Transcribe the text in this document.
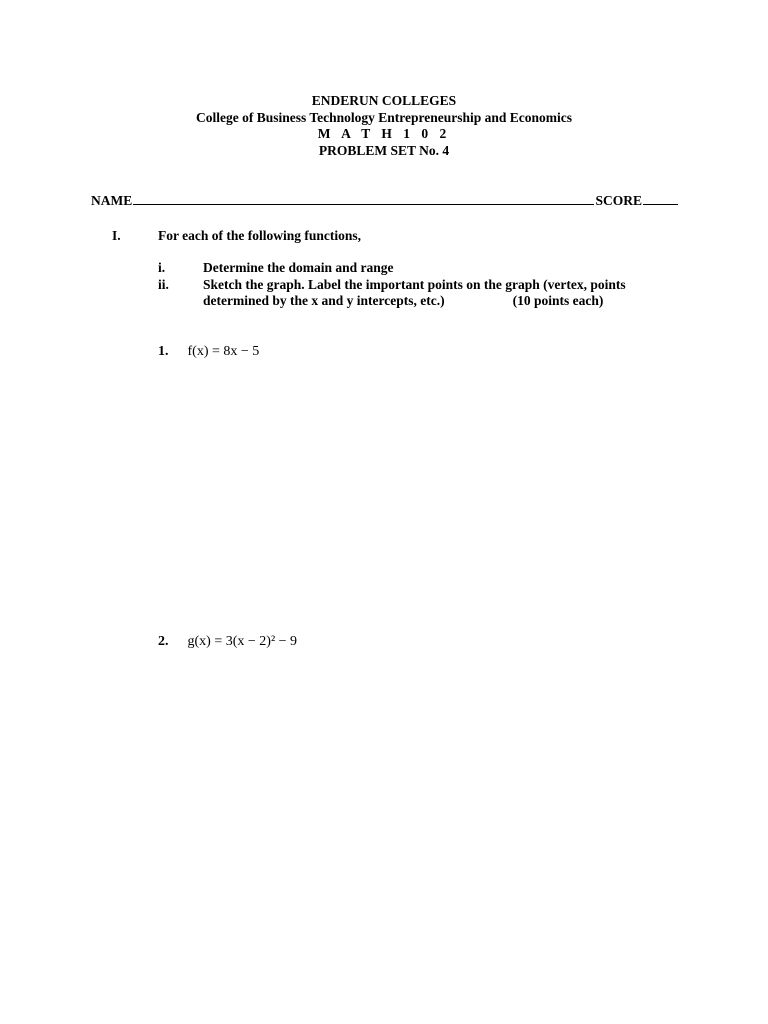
ENDERUN COLLEGES
College of Business Technology Entrepreneurship and Economics
M A T H 1 0 2
PROBLEM SET No. 4
NAME	SCORE
I.	For each of the following functions,
i.	Determine the domain and range
ii.	Sketch the graph. Label the important points on the graph (vertex, points
determined by the x and y intercepts, etc.)	(10 points each)
1. f(x) = 8x − 5
2. g(x) = 3(x − 2)² − 9
